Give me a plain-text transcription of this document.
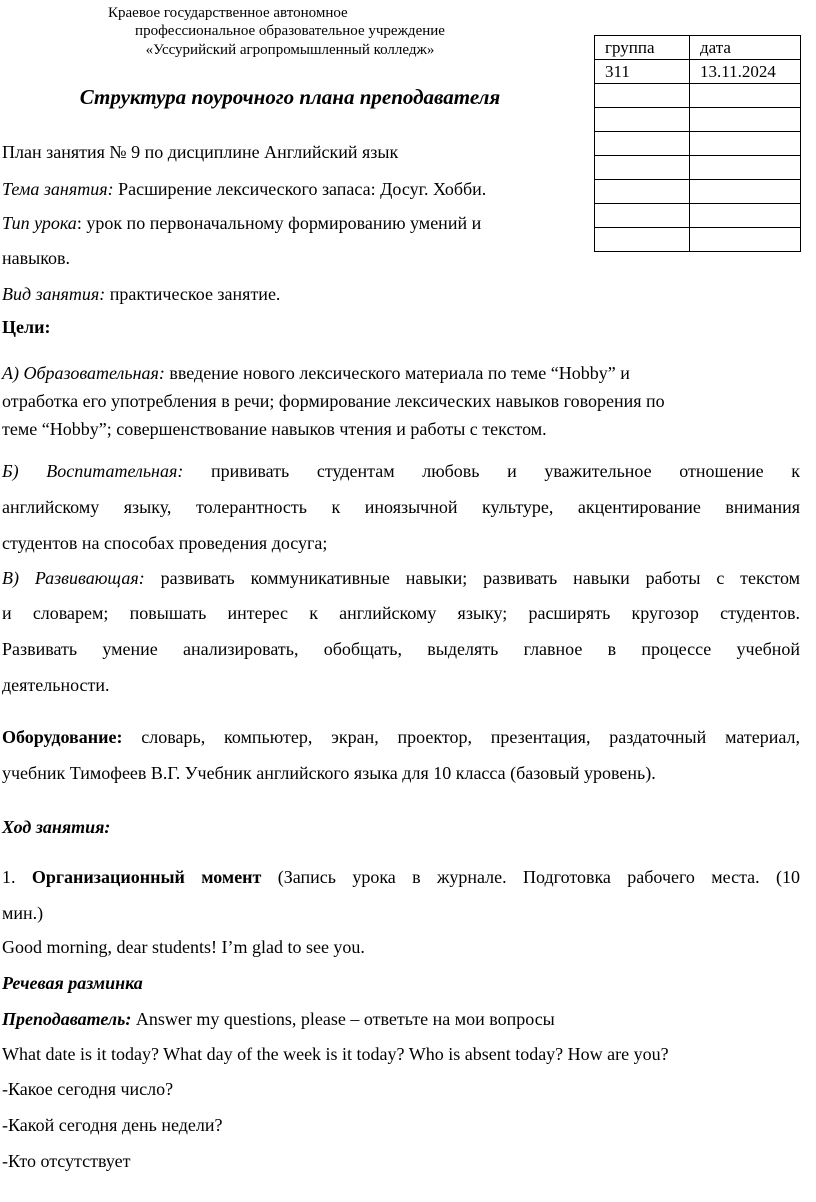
Краевое государственное автономное
профессиональное образовательное учреждение
«Уссурийский агропромышленный колледж»	группа	дата
311	13.11.2024

Структура поурочного плана преподавателя
План занятия № 9 по дисциплине Английский язык
Тема занятия: Расширение лексического запаса: Досуг. Хобби.
Тип урока: урок по первоначальному формированию умений и
навыков.
Вид занятия: практическое занятие.
Цели:
А) Образовательная: введение нового лексического материала по теме “Hobby” и
отработка его употребления в речи; формирование лексических навыков говорения по
теме “Hobby”; совершенствование навыков чтения и работы с текстом.
Б) Воспитательная: прививать студентам любовь и уважительное отношение к
английскому языку, толерантность к иноязычной культуре, акцентирование внимания
студентов на способах проведения досуга;
В) Развивающая: развивать коммуникативные навыки; развивать навыки работы с текстом
и словарем; повышать интерес к английскому языку; расширять кругозор студентов.
Развивать умение анализировать, обобщать, выделять главное в процессе учебной
деятельности.
Оборудование: словарь, компьютер, экран, проектор, презентация, раздаточный материал,
учебник Тимофеев В.Г. Учебник английского языка для 10 класса (базовый уровень).
Ход занятия:
1. Организационный момент (Запись урока в журнале. Подготовка рабочего места. (10
мин.)
Good morning, dear students! I’m glad to see you.
Речевая разминка
Преподаватель: Answer my questions, please – ответьте на мои вопросы
What date is it today? What day of the week is it today? Who is absent today? How are you?
-Какое сегодня число?
-Какой сегодня день недели?
-Кто отсутствует
